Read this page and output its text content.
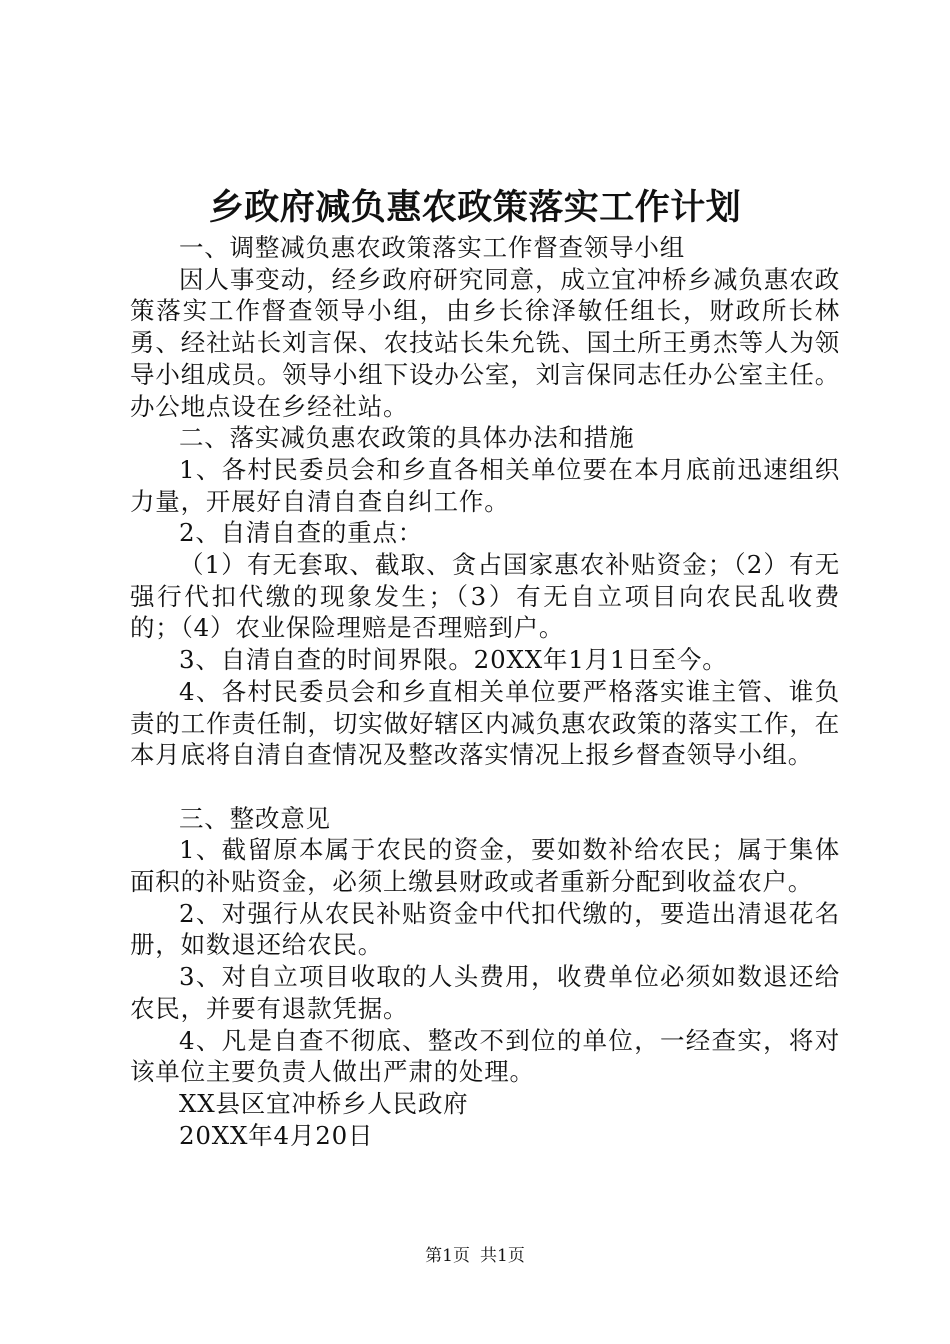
乡政府减负惠农政策落实工作计划

一、调整减负惠农政策落实工作督查领导小组

因人事变动，经乡政府研究同意，成立宜冲桥乡减负惠农政策落实工作督查领导小组，由乡长徐泽敏任组长，财政所长林勇、经社站长刘言保、农技站长朱允铣、国土所王勇杰等人为领导小组成员。领导小组下设办公室，刘言保同志任办公室主任。办公地点设在乡经社站。

二、落实减负惠农政策的具体办法和措施

1、各村民委员会和乡直各相关单位要在本月底前迅速组织力量，开展好自清自查自纠工作。

2、自清自查的重点：

（1）有无套取、截取、贪占国家惠农补贴资金；（2）有无强行代扣代缴的现象发生；（3）有无自立项目向农民乱收费的；（4）农业保险理赔是否理赔到户。

3、自清自查的时间界限。20XX年1月1日至今。

4、各村民委员会和乡直相关单位要严格落实谁主管、谁负责的工作责任制，切实做好辖区内减负惠农政策的落实工作，在本月底将自清自查情况及整改落实情况上报乡督查领导小组。

三、整改意见

1、截留原本属于农民的资金，要如数补给农民；属于集体面积的补贴资金，必须上缴县财政或者重新分配到收益农户。

2、对强行从农民补贴资金中代扣代缴的，要造出清退花名册，如数退还给农民。

3、对自立项目收取的人头费用，收费单位必须如数退还给农民，并要有退款凭据。

4、凡是自查不彻底、整改不到位的单位，一经查实，将对该单位主要负责人做出严肃的处理。

XX县区宜冲桥乡人民政府

20XX年4月20日

第1页 共1页
